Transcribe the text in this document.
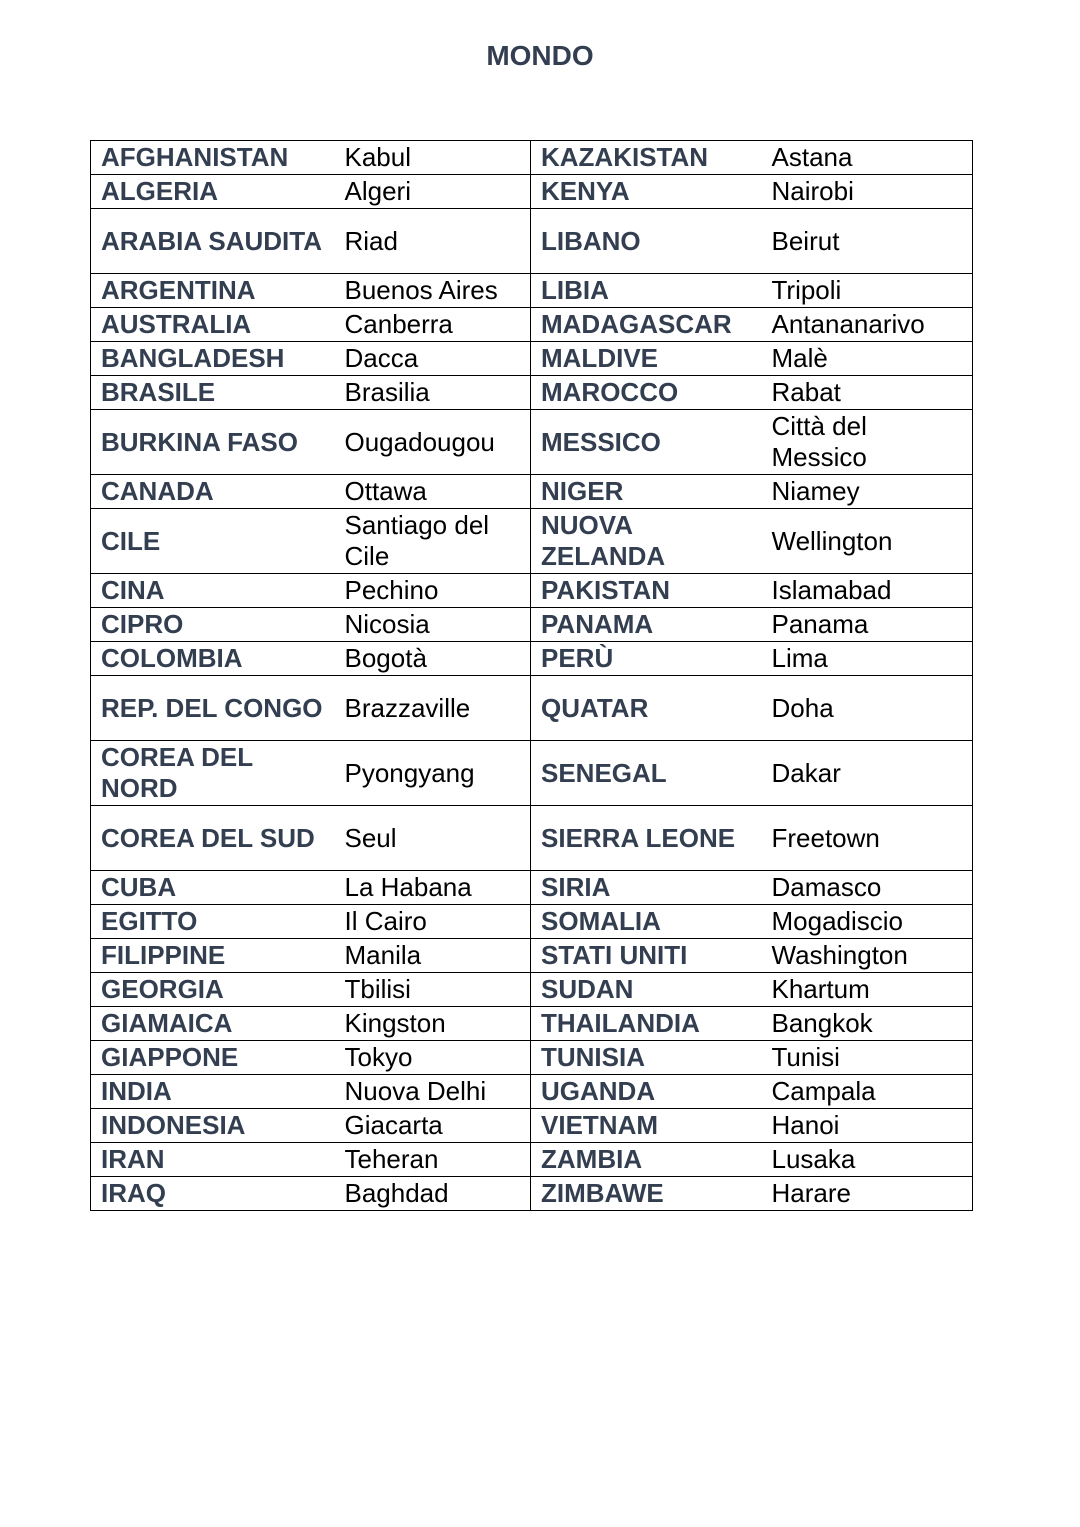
MONDO
AFGHANISTAN	Kabul	KAZAKISTAN	Astana
ALGERIA	Algeri	KENYA	Nairobi
ARABIA SAUDITA	Riad	LIBANO	Beirut
ARGENTINA	Buenos Aires	LIBIA	Tripoli
AUSTRALIA	Canberra	MADAGASCAR	Antananarivo
BANGLADESH	Dacca	MALDIVE	Malè
BRASILE	Brasilia	MAROCCO	Rabat
BURKINA FASO	Ougadougou	MESSICO	Città del Messico
CANADA	Ottawa	NIGER	Niamey
CILE	Santiago del Cile	NUOVA ZELANDA	Wellington
CINA	Pechino	PAKISTAN	Islamabad
CIPRO	Nicosia	PANAMA	Panama
COLOMBIA	Bogotà	PERÙ	Lima
REP. DEL CONGO	Brazzaville	QUATAR	Doha
COREA DEL NORD	Pyongyang	SENEGAL	Dakar
COREA DEL SUD	Seul	SIERRA LEONE	Freetown
CUBA	La Habana	SIRIA	Damasco
EGITTO	Il Cairo	SOMALIA	Mogadiscio
FILIPPINE	Manila	STATI UNITI	Washington
GEORGIA	Tbilisi	SUDAN	Khartum
GIAMAICA	Kingston	THAILANDIA	Bangkok
GIAPPONE	Tokyo	TUNISIA	Tunisi
INDIA	Nuova Delhi	UGANDA	Campala
INDONESIA	Giacarta	VIETNAM	Hanoi
IRAN	Teheran	ZAMBIA	Lusaka
IRAQ	Baghdad	ZIMBAWE	Harare
